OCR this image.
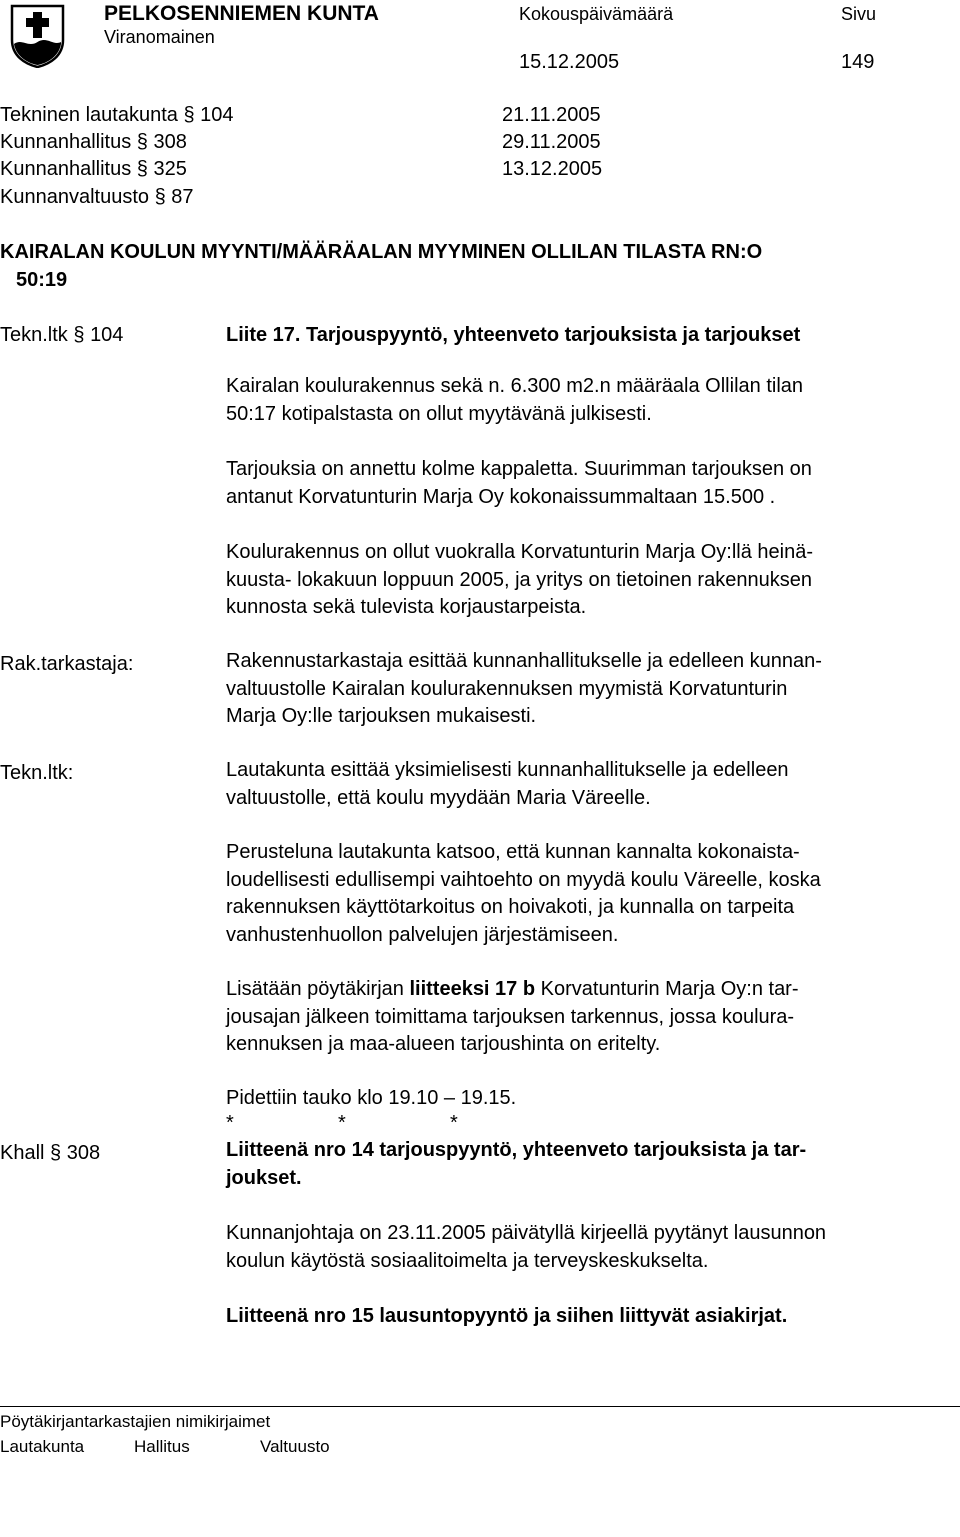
PELKOSENNIEMEN KUNTA
Viranomainen
Kokouspäivämäärä	Sivu
15.12.2005	149
Tekninen lautakunta § 104	21.11.2005
Kunnanhallitus § 308	29.11.2005
Kunnanhallitus § 325	13.12.2005
Kunnanvaltuusto § 87
KAIRALAN KOULUN MYYNTI/MÄÄRÄALAN MYYMINEN OLLILAN TILASTA RN:O
50:19
Tekn.ltk § 104	Liite 17. Tarjouspyyntö, yhteenveto tarjouksista ja tarjoukset
Kairalan koulurakennus sekä n. 6.300 m2.n määräala Ollilan tilan
50:17 kotipalstasta on ollut myytävänä julkisesti.
Tarjouksia on annettu kolme kappaletta. Suurimman tarjouksen on
antanut Korvatunturin Marja Oy kokonaissummaltaan 15.500 .
Koulurakennus on ollut vuokralla Korvatunturin Marja Oy:llä heinä-
kuusta- lokakuun loppuun 2005, ja yritys on tietoinen rakennuksen
kunnosta sekä tulevista korjaustarpeista.
Rak.tarkastaja:	Rakennustarkastaja esittää kunnanhallitukselle ja edelleen kunnan-
valtuustolle Kairalan koulurakennuksen myymistä Korvatunturin
Marja Oy:lle tarjouksen mukaisesti.
Tekn.ltk:	Lautakunta esittää yksimielisesti kunnanhallitukselle ja edelleen
valtuustolle, että koulu myydään Maria Väreelle.
Perusteluna lautakunta katsoo, että kunnan kannalta kokonaista-
loudellisesti edullisempi vaihtoehto on myydä koulu Väreelle, koska
rakennuksen käyttötarkoitus on hoivakoti, ja kunnalla on tarpeita
vanhustenhuollon palvelujen järjestämiseen.
Lisätään pöytäkirjan liitteeksi 17 b Korvatunturin Marja Oy:n tar-
jousajan jälkeen toimittama tarjouksen tarkennus, jossa koulura-
kennuksen ja maa-alueen tarjoushinta on eritelty.
Pidettiin tauko klo 19.10 – 19.15.
*	*	*
Khall § 308	Liitteenä nro 14 tarjouspyyntö, yhteenveto tarjouksista ja tar-
joukset.
Kunnanjohtaja on 23.11.2005 päivätyllä kirjeellä pyytänyt lausunnon
koulun käytöstä sosiaalitoimelta ja terveyskeskukselta.
Liitteenä nro 15 lausuntopyyntö ja siihen liittyvät asiakirjat.
Pöytäkirjantarkastajien nimikirjaimet
Lautakunta	Hallitus	Valtuusto
